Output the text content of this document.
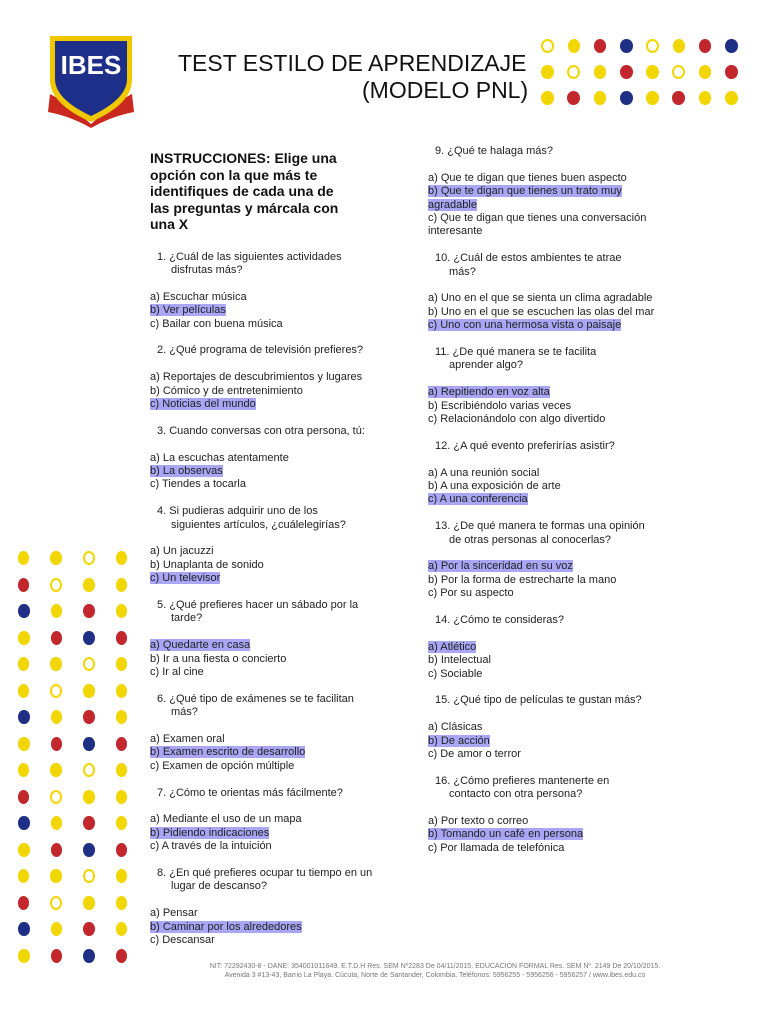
IBES TEST ESTILO DE APRENDIZAJE
(MODELO PNL)

INSTRUCCIONES: Elige una opción con la que más te identifiques de cada una de las preguntas y márcala con una X

1. ¿Cuál de las siguientes actividades
disfrutas más?
a) Escuchar música
b) Ver películas
c) Bailar con buena música
2. ¿Qué programa de televisión prefieres?
a) Reportajes de descubrimientos y lugares
b) Cómico y de entretenimiento
c) Noticias del mundo
3. Cuando conversas con otra persona, tú:
a) La escuchas atentamente
b) La observas
c) Tiendes a tocarla
4. Si pudieras adquirir uno de los
siguientes artículos, ¿cuálelegirías?
a) Un jacuzzi
b) Unaplanta de sonido
c) Un televisor
5. ¿Qué prefieres hacer un sábado por la
tarde?
a) Quedarte en casa
b) Ir a una fiesta o concierto
c) Ir al cine
6. ¿Qué tipo de exámenes se te facilitan
más?
a) Examen oral
b) Examen escrito de desarrollo
c) Examen de opción múltiple
7. ¿Cómo te orientas más fácilmente?
a) Mediante el uso de un mapa
b) Pidiendo indicaciones
c) A través de la intuición
8. ¿En qué prefieres ocupar tu tiempo en un
lugar de descanso?
a) Pensar
b) Caminar por los alrededores
c) Descansar
9. ¿Qué te halaga más?
a) Que te digan que tienes buen aspecto
b) Que te digan que tienes un trato muy agradable
c) Que te digan que tienes una conversación interesante
10. ¿Cuál de estos ambientes te atrae
más?
a) Uno en el que se sienta un clima agradable
b) Uno en el que se escuchen las olas del mar
c) Uno con una hermosa vista o paisaje
11. ¿De qué manera se te facilita
aprender algo?
a) Repitiendo en voz alta
b) Escribiéndolo varias veces
c) Relacionándolo con algo divertido
12. ¿A qué evento preferirías asistir?
a) A una reunión social
b) A una exposición de arte
c) A una conferencia
13. ¿De qué manera te formas una opinión
de otras personas al conocerlas?
a) Por la sinceridad en su voz
b) Por la forma de estrecharte la mano
c) Por su aspecto
14. ¿Cómo te consideras?
a) Atlético
b) Intelectual
c) Sociable
15. ¿Qué tipo de películas te gustan más?
a) Clásicas
b) De acción
c) De amor o terror
16. ¿Cómo prefieres mantenerte en
contacto con otra persona?
a) Por texto o correo
b) Tomando un café en persona
c) Por llamada de telefónica
NIT: 72292430-8 - DANE: 354001011649. E.T.D.H Res. SEM Nº2283 De 04/11/2015. EDUCACIÓN FORMAL Res. SEM Nº. 2149 De 20/10/2015.
Avenida 3 #13-43, Barrio La Playa. Cúcuta, Norte de Santander, Colombia. Teléfonos: 5956255 - 5956256 - 5956257 / www.ibes.edu.co
